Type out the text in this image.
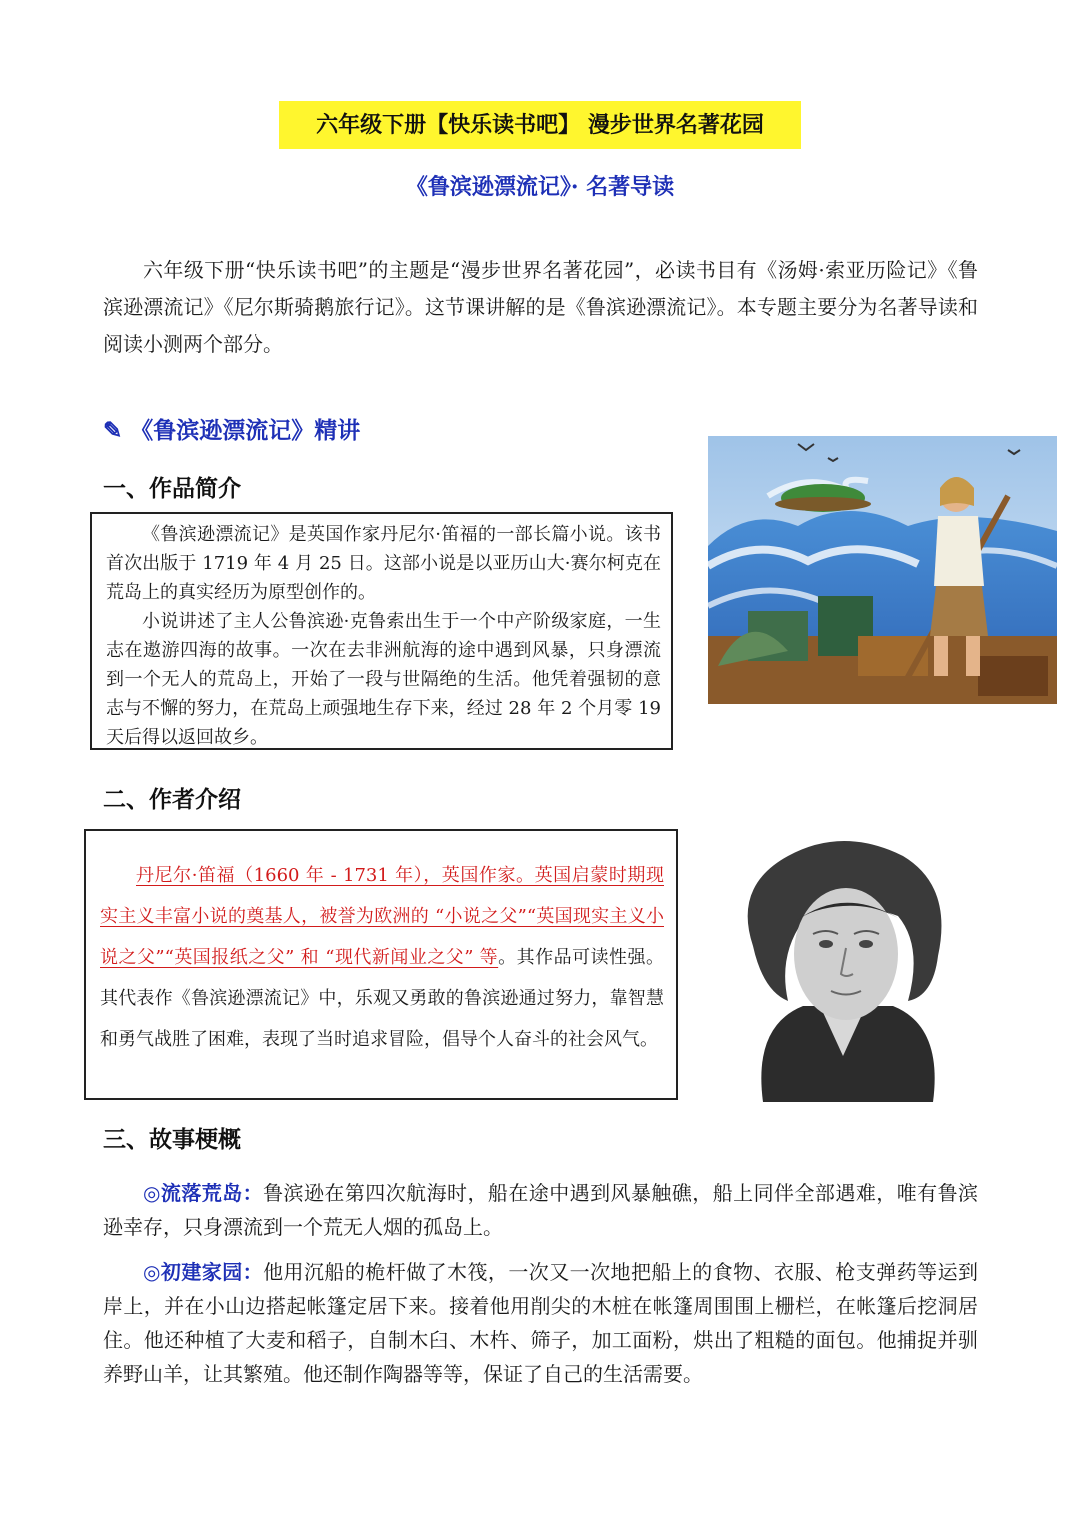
六年级下册【快乐读书吧】 漫步世界名著花园
《鲁滨逊漂流记》· 名著导读
六年级下册“快乐读书吧”的主题是“漫步世界名著花园”，必读书目有《汤姆·索亚历险记》《鲁滨逊漂流记》《尼尔斯骑鹅旅行记》。这节课讲解的是《鲁滨逊漂流记》。本专题主要分为名著导读和阅读小测两个部分。
✎ 《鲁滨逊漂流记》精讲
一、作品简介

《鲁滨逊漂流记》是英国作家丹尼尔·笛福的一部长篇小说。该书首次出版于 1719 年 4 月 25 日。这部小说是以亚历山大·赛尔柯克在荒岛上的真实经历为原型创作的。

小说讲述了主人公鲁滨逊·克鲁索出生于一个中产阶级家庭，一生志在遨游四海的故事。一次在去非洲航海的途中遇到风暴，只身漂流到一个无人的荒岛上，开始了一段与世隔绝的生活。他凭着强韧的意志与不懈的努力，在荒岛上顽强地生存下来，经过 28 年 2 个月零 19 天后得以返回故乡。

二、作者介绍
丹尼尔·笛福（1660 年 - 1731 年），英国作家。英国启蒙时期现实主义丰富小说的奠基人，被誉为欧洲的 “小说之父”“英国现实主义小说之父”“英国报纸之父” 和 “现代新闻业之父” 等。其作品可读性强。其代表作《鲁滨逊漂流记》中，乐观又勇敢的鲁滨逊通过努力，靠智慧和勇气战胜了困难，表现了当时追求冒险，倡导个人奋斗的社会风气。
三、故事梗概
◎流落荒岛：鲁滨逊在第四次航海时，船在途中遇到风暴触礁，船上同伴全部遇难，唯有鲁滨逊幸存，只身漂流到一个荒无人烟的孤岛上。
◎初建家园：他用沉船的桅杆做了木筏，一次又一次地把船上的食物、衣服、枪支弹药等运到岸上，并在小山边搭起帐篷定居下来。接着他用削尖的木桩在帐篷周围围上栅栏，在帐篷后挖洞居住。他还种植了大麦和稻子，自制木臼、木杵、筛子，加工面粉，烘出了粗糙的面包。他捕捉并驯养野山羊，让其繁殖。他还制作陶器等等，保证了自己的生活需要。
